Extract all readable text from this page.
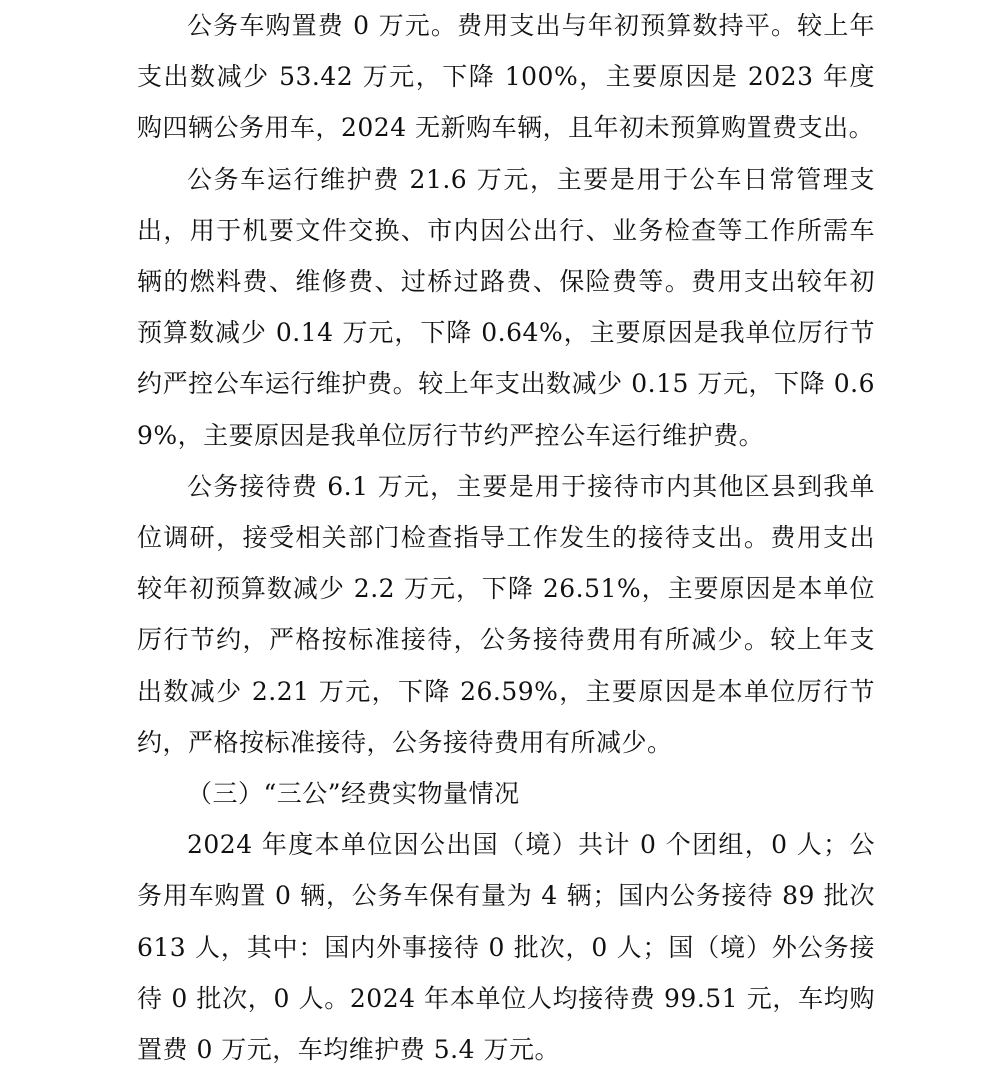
公务车购置费 0 万元。费用支出与年初预算数持平。较上年支出数减少 53.42 万元，下降 100%，主要原因是 2023 年度购四辆公务用车，2024 无新购车辆，且年初未预算购置费支出。

公务车运行维护费 21.6 万元，主要是用于公车日常管理支出，用于机要文件交换、市内因公出行、业务检查等工作所需车辆的燃料费、维修费、过桥过路费、保险费等。费用支出较年初预算数减少 0.14 万元，下降 0.64%，主要原因是我单位厉行节约严控公车运行维护费。较上年支出数减少 0.15 万元，下降 0.69%，主要原因是我单位厉行节约严控公车运行维护费。

公务接待费 6.1 万元，主要是用于接待市内其他区县到我单位调研，接受相关部门检查指导工作发生的接待支出。费用支出较年初预算数减少 2.2 万元，下降 26.51%，主要原因是本单位厉行节约，严格按标准接待，公务接待费用有所减少。较上年支出数减少 2.21 万元，下降 26.59%，主要原因是本单位厉行节约，严格按标准接待，公务接待费用有所减少。

（三）“三公”经费实物量情况

2024 年度本单位因公出国（境）共计 0 个团组，0 人；公务用车购置 0 辆，公务车保有量为 4 辆；国内公务接待 89 批次 613 人，其中：国内外事接待 0 批次，0 人；国（境）外公务接待 0 批次，0 人。2024 年本单位人均接待费 99.51 元，车均购置费 0 万元，车均维护费 5.4 万元。
